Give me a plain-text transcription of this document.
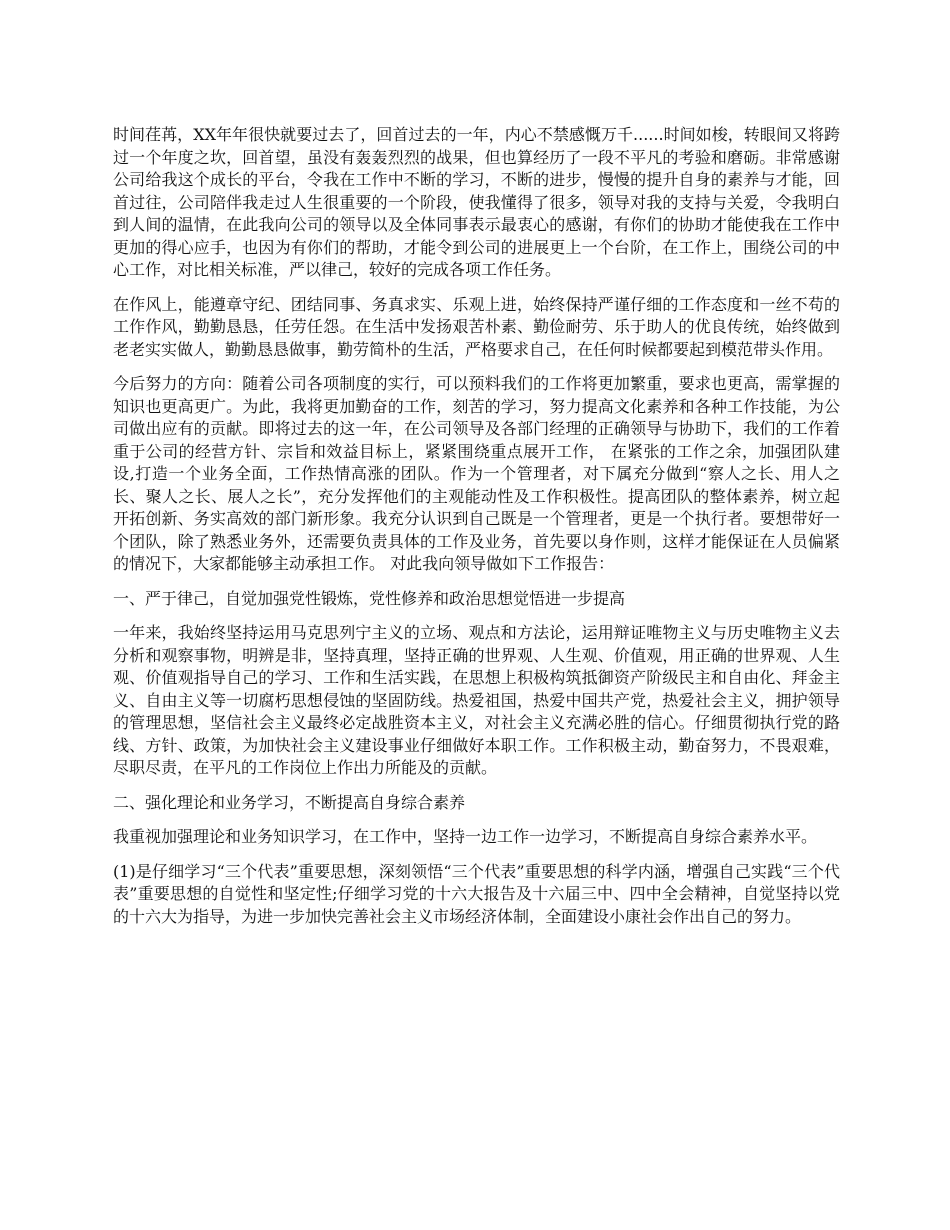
时间荏苒，XX年年很快就要过去了，回首过去的一年，内心不禁感慨万千......时间如梭，转眼间又将跨过一个年度之坎，回首望，虽没有轰轰烈烈的战果，但也算经历了一段不平凡的考验和磨砺。非常感谢公司给我这个成长的平台，令我在工作中不断的学习，不断的进步，慢慢的提升自身的素养与才能，回首过往，公司陪伴我走过人生很重要的一个阶段，使我懂得了很多，领导对我的支持与关爱，令我明白到人间的温情，在此我向公司的领导以及全体同事表示最衷心的感谢，有你们的协助才能使我在工作中更加的得心应手，也因为有你们的帮助，才能令到公司的进展更上一个台阶，在工作上，围绕公司的中心工作，对比相关标准，严以律己，较好的完成各项工作任务。

在作风上，能遵章守纪、团结同事、务真求实、乐观上进，始终保持严谨仔细的工作态度和一丝不苟的工作作风，勤勤恳恳，任劳任怨。在生活中发扬艰苦朴素、勤俭耐劳、乐于助人的优良传统，始终做到老老实实做人，勤勤恳恳做事，勤劳简朴的生活，严格要求自己，在任何时候都要起到模范带头作用。

今后努力的方向：随着公司各项制度的实行，可以预料我们的工作将更加繁重，要求也更高，需掌握的知识也更高更广。为此，我将更加勤奋的工作，刻苦的学习，努力提高文化素养和各种工作技能，为公司做出应有的贡献。即将过去的这一年，在公司领导及各部门经理的正确领导与协助下，我们的工作着重于公司的经营方针、宗旨和效益目标上，紧紧围绕重点展开工作， 在紧张的工作之余，加强团队建设,打造一个业务全面，工作热情高涨的团队。作为一个管理者，对下属充分做到“察人之长、用人之长、聚人之长、展人之长”，充分发挥他们的主观能动性及工作积极性。提高团队的整体素养，树立起开拓创新、务实高效的部门新形象。我充分认识到自己既是一个管理者，更是一个执行者。要想带好一个团队，除了熟悉业务外，还需要负责具体的工作及业务，首先要以身作则，这样才能保证在人员偏紧的情况下，大家都能够主动承担工作。 对此我向领导做如下工作报告：

一、严于律己，自觉加强党性锻炼，党性修养和政治思想觉悟进一步提高

一年来，我始终坚持运用马克思列宁主义的立场、观点和方法论，运用辩证唯物主义与历史唯物主义去分析和观察事物，明辨是非，坚持真理，坚持正确的世界观、人生观、价值观，用正确的世界观、人生观、价值观指导自己的学习、工作和生活实践，在思想上积极构筑抵御资产阶级民主和自由化、拜金主义、自由主义等一切腐朽思想侵蚀的坚固防线。热爱祖国，热爱中国共产党，热爱社会主义，拥护领导的管理思想，坚信社会主义最终必定战胜资本主义，对社会主义充满必胜的信心。仔细贯彻执行党的路线、方针、政策，为加快社会主义建设事业仔细做好本职工作。工作积极主动，勤奋努力，不畏艰难，尽职尽责，在平凡的工作岗位上作出力所能及的贡献。

二、强化理论和业务学习，不断提高自身综合素养

我重视加强理论和业务知识学习，在工作中，坚持一边工作一边学习，不断提高自身综合素养水平。

(1)是仔细学习“三个代表”重要思想，深刻领悟“三个代表”重要思想的科学内涵，增强自己实践“三个代表”重要思想的自觉性和坚定性;仔细学习党的十六大报告及十六届三中、四中全会精神，自觉坚持以党的十六大为指导，为进一步加快完善社会主义市场经济体制，全面建设小康社会作出自己的努力。
